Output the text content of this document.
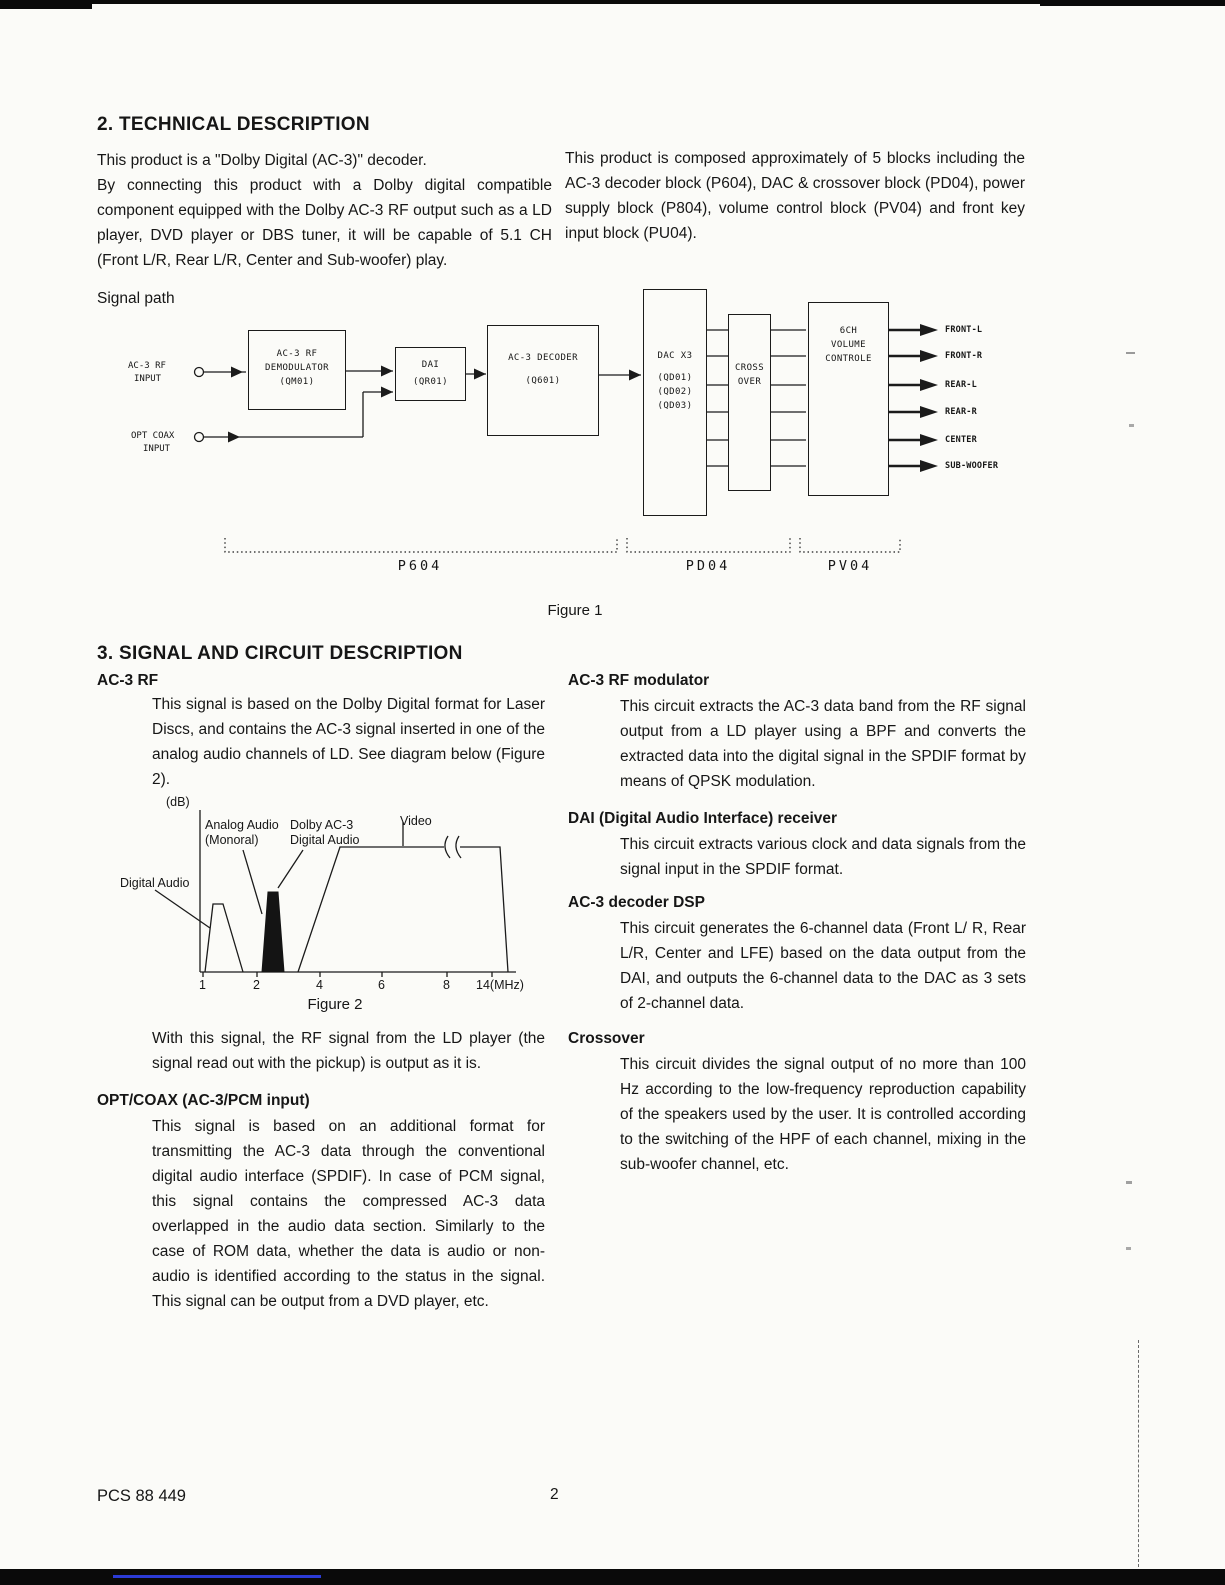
2. TECHNICAL DESCRIPTION
This product is a "Dolby Digital (AC-3)" decoder.
By connecting this product with a Dolby digital compatible component equipped with the Dolby AC-3 RF output such as a LD player, DVD player or DBS tuner, it will be capable of 5.1 CH (Front L/R, Rear L/R, Center and Sub-woofer) play.
This product is composed approximately of 5 blocks including the AC-3 decoder block (P604), DAC & crossover block (PD04), power supply block (P804), volume control block (PV04) and front key input block (PU04).
Signal path
AC-3 RF
INPUT
OPT COAX
INPUT
AC-3 RF
DEMODULATOR
(QM01)
DAI
(QR01)
AC-3 DECODER
(Q601)
DAC X3
(QD01)
(QD02)
(QD03)
CROSS
OVER
6CH
VOLUME
CONTROLE
FRONT-L
FRONT-R
REAR-L
REAR-R
CENTER
SUB-WOOFER
P604	PD04	PV04
Figure 1
3. SIGNAL AND CIRCUIT DESCRIPTION
AC-3 RF
This signal is based on the Dolby Digital format for Laser Discs, and contains the AC-3 signal inserted in one of the analog audio channels of LD. See diagram below (Figure 2).
(dB)
Analog Audio
(Monoral)
Dolby AC-3
Digital Audio
Video
Digital Audio
1	2	4	6	8 14(MHz)
Figure 2
With this signal, the RF signal from the LD player (the signal read out with the pickup) is output as it is.
OPT/COAX (AC-3/PCM input)
This signal is based on an additional format for transmitting the AC-3 data through the conventional digital audio interface (SPDIF). In case of PCM signal, this signal contains the compressed AC-3 data overlapped in the audio data section. Similarly to the case of ROM data, whether the data is audio or non-audio is identified according to the status in the signal. This signal can be output from a DVD player, etc.
AC-3 RF modulator
This circuit extracts the AC-3 data band from the RF signal output from a LD player using a BPF and converts the extracted data into the digital signal in the SPDIF format by means of QPSK modulation.
DAI (Digital Audio Interface) receiver
This circuit extracts various clock and data signals from the signal input in the SPDIF format.
AC-3 decoder DSP
This circuit generates the 6-channel data (Front L/ R, Rear L/R, Center and LFE) based on the data output from the DAI, and outputs the 6-channel data to the DAC as 3 sets of 2-channel data.
Crossover
This circuit divides the signal output of no more than 100 Hz according to the low-frequency reproduction capability of the speakers used by the user. It is controlled according to the switching of the HPF of each channel, mixing in the sub-woofer channel, etc.
PCS 88 449	2
